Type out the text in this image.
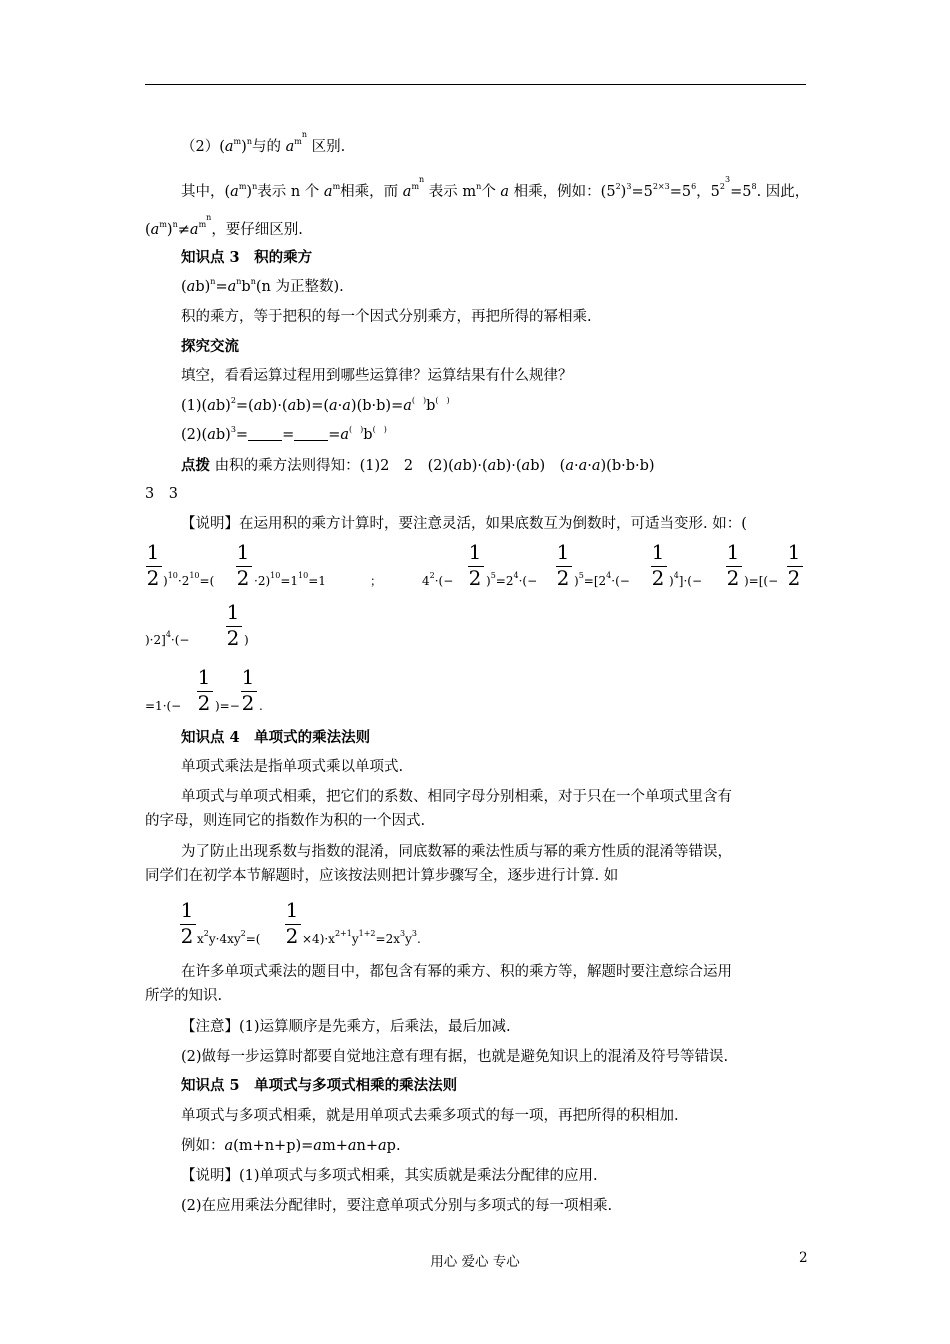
$(2)(a^m)^n$与的 $a^{m^n}$ 区别.
其中，$(a^m)^n$表示 n 个 $a^m$相乘，而 $a^{m^n}$ 表示 $m^n$个 a 相乘，例如：$(5^2)^3=5^{2\times 3}=5^6$，$5^{2^3}=5^8$. 因此，
$(a^m)^n\ne a^{m^n}$，要仔细区别.
知识点 3　积的乘方
$(ab)^n=a^nb^n(n$ 为正整数).
积的乘方，等于把积的每一个因式分别乘方，再把所得的幂相乘.
探究交流
填空，看看运算过程用到哪些运算律？运算结果有什么规律？
(1)(ab)$^2$=(ab)·(ab)=(a·a)(b·b)=a(　)b(　)
(2)(ab)$^3$= = =a(　)b(　)
点拨 由积的乘方法则得知：(1)2　2　(2)(ab)·(ab)·(ab)　(a·a·a)(b·b·b)
3　3
【说明】在运用积的乘方计算时，要注意灵活，如果底数互为倒数时，可适当变形. 如：(
1
2 )$^{10}\cdot 2^{10}=$(
1
$2 \cdot 2)^{10}=1^{10}=1$	；	$4^2\cdot(-$
1
2 )$^5=2^4\cdot(-$
1
2 )$^5=[2^4\cdot(-$
1
2 )$^4$]·(−
1
2 )=[(−
1
2
1
2
)·2]$^4$·(−	)
1
2
=1·(−	)=−
1
2 .
知识点 4　单项式的乘法法则
单项式乘法是指单项式乘以单项式.
单项式与单项式相乘，把它们的系数、相同字母分别相乘，对于只在一个单项式里含有
的字母，则连同它的指数作为积的一个因式.
为了防止出现系数与指数的混淆，同底数幂的乘法性质与幂的乘方性质的混淆等错误，
同学们在初学本节解题时，应该按法则把计算步骤写全，逐步进行计算. 如
1
2 $x^2y\cdot 4xy^2=$(
1
$2 \times 4)\cdot x^{2+1}y^{1+2}=2x^3y^3$.
在许多单项式乘法的题目中，都包含有幂的乘方、积的乘方等，解题时要注意综合运用
所学的知识.
【注意】(1)运算顺序是先乘方，后乘法，最后加减.
(2)做每一步运算时都要自觉地注意有理有据，也就是避免知识上的混淆及符号等错误.
知识点 5　单项式与多项式相乘的乘法法则
单项式与多项式相乘，就是用单项式去乘多项式的每一项，再把所得的积相加.
例如：a(m+n+p)=am+an+ap.
【说明】(1)单项式与多项式相乘，其实质就是乘法分配律的应用.
(2)在应用乘法分配律时，要注意单项式分别与多项式的每一项相乘.
用心 爱心 专心	2
